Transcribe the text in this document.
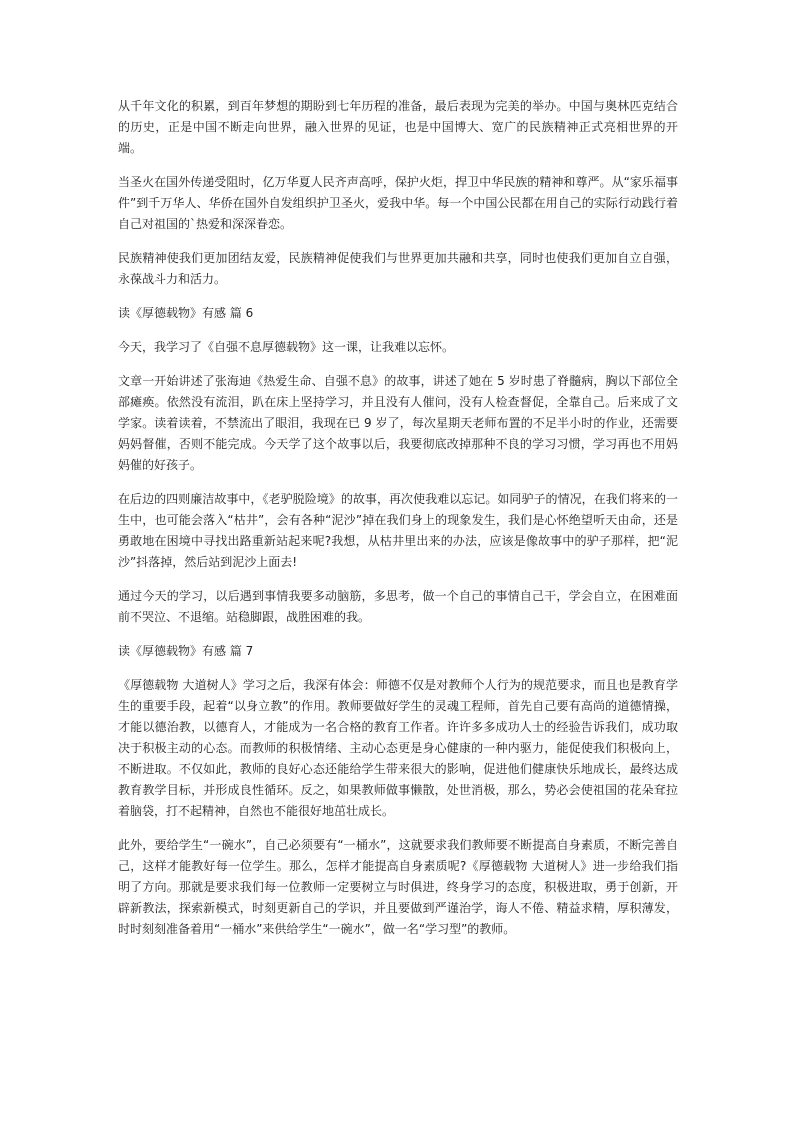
从千年文化的积累，到百年梦想的期盼到七年历程的准备，最后表现为完美的举办。中国与奥林匹克结合的历史，正是中国不断走向世界，融入世界的见证，也是中国博大、宽广的民族精神正式亮相世界的开端。

当圣火在国外传递受阻时，亿万华夏人民齐声高呼，保护火炬，捍卫中华民族的精神和尊严。从“家乐福事件”到千万华人、华侨在国外自发组织护卫圣火，爱我中华。每一个中国公民都在用自己的实际行动践行着自己对祖国的`热爱和深深眷恋。

民族精神使我们更加团结友爱，民族精神促使我们与世界更加共融和共享，同时也使我们更加自立自强，永葆战斗力和活力。

读《厚德载物》有感 篇 6

今天，我学习了《自强不息厚德载物》这一课，让我难以忘怀。

文章一开始讲述了张海迪《热爱生命、自强不息》的故事，讲述了她在 5 岁时患了脊髓病，胸以下部位全部瘫痪。依然没有流泪，趴在床上坚持学习，并且没有人催问，没有人检查督促，全靠自己。后来成了文学家。读着读着，不禁流出了眼泪，我现在已 9 岁了，每次星期天老师布置的不足半小时的作业，还需要妈妈督催，否则不能完成。今天学了这个故事以后，我要彻底改掉那种不良的学习习惯，学习再也不用妈妈催的好孩子。

在后边的四则廉洁故事中，《老驴脱险境》的故事，再次使我难以忘记。如同驴子的情况，在我们将来的一生中，也可能会落入“枯井”，会有各种“泥沙”掉在我们身上的现象发生，我们是心怀绝望听天由命，还是勇敢地在困境中寻找出路重新站起来呢?我想，从枯井里出来的办法，应该是像故事中的驴子那样，把“泥沙”抖落掉，然后站到泥沙上面去!

通过今天的学习，以后遇到事情我要多动脑筋，多思考，做一个自己的事情自己干，学会自立，在困难面前不哭泣、不退缩。站稳脚跟，战胜困难的我。

读《厚德载物》有感 篇 7

《厚德载物 大道树人》学习之后，我深有体会：师德不仅是对教师个人行为的规范要求，而且也是教育学生的重要手段，起着“以身立教”的作用。教师要做好学生的灵魂工程师，首先自己要有高尚的道德情操，才能以德治教，以德育人，才能成为一名合格的教育工作者。许许多多成功人士的经验告诉我们，成功取决于积极主动的心态。而教师的积极情绪、主动心态更是身心健康的一种内驱力，能促使我们积极向上，不断进取。不仅如此，教师的良好心态还能给学生带来很大的影响，促进他们健康快乐地成长，最终达成教育教学目标，并形成良性循环。反之，如果教师做事懒散，处世消极，那么，势必会使祖国的花朵耷拉着脑袋，打不起精神，自然也不能很好地茁壮成长。

此外，要给学生“一碗水”，自己必须要有“一桶水”，这就要求我们教师要不断提高自身素质，不断完善自己，这样才能教好每一位学生。那么，怎样才能提高自身素质呢?《厚德载物 大道树人》进一步给我们指明了方向。那就是要求我们每一位教师一定要树立与时俱进，终身学习的态度，积极进取，勇于创新，开辟新教法，探索新模式，时刻更新自己的学识，并且要做到严谨治学，诲人不倦、精益求精，厚积薄发，时时刻刻准备着用“一桶水”来供给学生“一碗水”，做一名“学习型”的教师。
